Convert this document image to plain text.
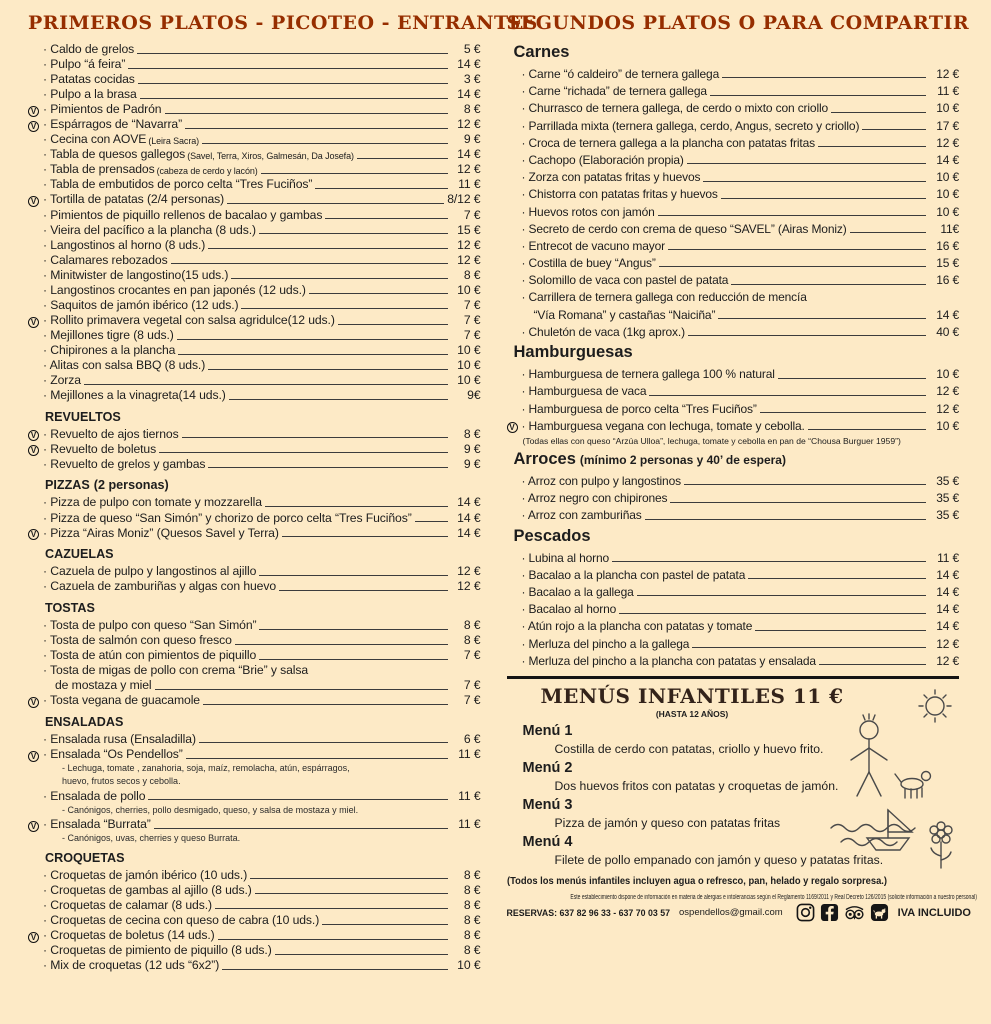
PRIMEROS PLATOS - PICOTEO - ENTRANTES
· Caldo de grelos	5 €
· Pulpo “á feira”	14 €
· Patatas cocidas	3 €
· Pulpo a la brasa	14 €
V	· Pimientos de Padrón	8 €
V	· Espárragos de “Navarra”	12 €
· Cecina con AOVE (Leira Sacra)	9 €
· Tabla de quesos gallegos (Savel, Terra, Xiros, Galmesán, Da Josefa)	14 €
· Tabla de prensados (cabeza de cerdo y lacón)	12 €
· Tabla de embutidos de porco celta “Tres Fuciños”	11 €
V	· Tortilla de patatas (2/4 personas)	8/12 €
· Pimientos de piquillo rellenos de bacalao y gambas	7 €
· Vieira del pacífico a la plancha (8 uds.)	15 €
· Langostinos al horno (8 uds.)	12 €
· Calamares rebozados	12 €
· Minitwister de langostino(15 uds.)	8 €
· Langostinos crocantes en pan japonés (12 uds.)	10 €
· Saquitos de jamón ibérico (12 uds.)	7 €
V	· Rollito primavera vegetal con salsa agridulce(12 uds.)	7 €
· Mejillones tigre (8 uds.)	7 €
· Chipirones a la plancha	10 €
· Alitas con salsa BBQ (8 uds.)	10 €
· Zorza	10 €
· Mejillones a la vinagreta(14 uds.)	9€
REVUELTOS
V	· Revuelto de ajos tiernos	8 €
V	· Revuelto de boletus	9 €
· Revuelto de grelos y gambas	9 €
PIZZAS (2 personas)
· Pizza de pulpo con tomate y mozzarella	14 €
· Pizza de queso “San Simón” y chorizo de porco celta “Tres Fuciños”	14 €
V	· Pizza “Airas Moniz” (Quesos Savel y Terra)	14 €
CAZUELAS
· Cazuela de pulpo y langostinos al ajillo	12 €
· Cazuela de zamburiñas y algas con huevo	12 €
TOSTAS
· Tosta de pulpo con queso “San Simón”	8 €
· Tosta de salmón con queso fresco	8 €
· Tosta de atún con pimientos de piquillo	7 €
· Tosta de migas de pollo con crema “Brie” y salsa
de mostaza y miel	7 €
V	· Tosta vegana de guacamole	7 €
ENSALADAS
· Ensalada rusa (Ensaladilla)	6 €
V	· Ensalada “Os Pendellos”	11 €
- Lechuga, tomate , zanahoria, soja, maíz, remolacha, atún, espárragos,
huevo, frutos secos y cebolla.
· Ensalada de pollo	11 €
- Canónigos, cherries, pollo desmigado, queso, y salsa de mostaza y miel.
V	· Ensalada “Burrata”	11 €
- Canónigos, uvas, cherries y queso Burrata.
CROQUETAS
· Croquetas de jamón ibérico (10 uds.)	8 €
· Croquetas de gambas al ajillo (8 uds.)	8 €
· Croquetas de calamar (8 uds.)	8 €
· Croquetas de cecina con queso de cabra (10 uds.)	8 €
V	· Croquetas de boletus (14 uds.)	8 €
· Croquetas de pimiento de piquillo (8 uds.)	8 €
· Mix de croquetas (12 uds “6x2”)	10 €
SEGUNDOS PLATOS O PARA COMPARTIR
Carnes
· Carne “ó caldeiro” de ternera gallega	12 €
· Carne “richada” de ternera gallega	11 €
· Churrasco de ternera gallega, de cerdo o mixto con criollo	10 €
· Parrillada mixta (ternera gallega, cerdo, Angus, secreto y criollo)	17 €
· Croca de ternera gallega a la plancha con patatas fritas	12 €
· Cachopo (Elaboración propia)	14 €
· Zorza con patatas fritas y huevos	10 €
· Chistorra con patatas fritas y huevos	10 €
· Huevos rotos con jamón	10 €
· Secreto de cerdo con crema de queso “SAVEL” (Airas Moniz)	11€
· Entrecot de vacuno mayor	16 €
· Costilla de buey “Angus”	15 €
· Solomillo de vaca con pastel de patata	16 €
· Carrillera de ternera gallega con reducción de mencía
“Vía Romana” y castañas “Naiciña”	14 €
· Chuletón de vaca (1kg aprox.)	40 €
Hamburguesas
· Hamburguesa de ternera gallega 100 % natural	10 €
· Hamburguesa de vaca	12 €
· Hamburguesa de porco celta “Tres Fuciños”	12 €
V	· Hamburguesa vegana con lechuga, tomate y cebolla.	10 €
(Todas ellas con queso “Arzúa Ulloa”, lechuga, tomate y cebolla en pan de “Chousa Burguer 1959”)
Arroces (mínimo 2 personas y 40’ de espera)
· Arroz con pulpo y langostinos	35 €
· Arroz negro con chipirones	35 €
· Arroz con zamburiñas	35 €
Pescados
· Lubina al horno	11 €
· Bacalao a la plancha con pastel de patata	14 €
· Bacalao a la gallega	14 €
· Bacalao al horno	14 €
· Atún rojo a la plancha con patatas y tomate	14 €
· Merluza del pincho a la gallega	12 €
· Merluza del pincho a la plancha con patatas y ensalada	12 €
MENÚS INFANTILES 11 €
(HASTA 12 AÑOS)
Menú 1
Costilla de cerdo con patatas, criollo y huevo frito.
Menú 2
Dos huevos fritos con patatas y croquetas de jamón.
Menú 3
Pizza de jamón y queso con patatas fritas
Menú 4
Filete de pollo empanado con jamón y queso y patatas fritas.
(Todos los menús infantiles incluyen agua o refresco, pan, helado y regalo sorpresa.)
Este establecimiento dispone de información en materia de alergias e intolerancias según el Reglamento 1169/2011 y Real Decreto 126/2015 (solicite información a nuestro personal)
RESERVAS: 637 82 96 33 - 637 70 03 57 ospendellos@gmail.com	IVA INCLUIDO
